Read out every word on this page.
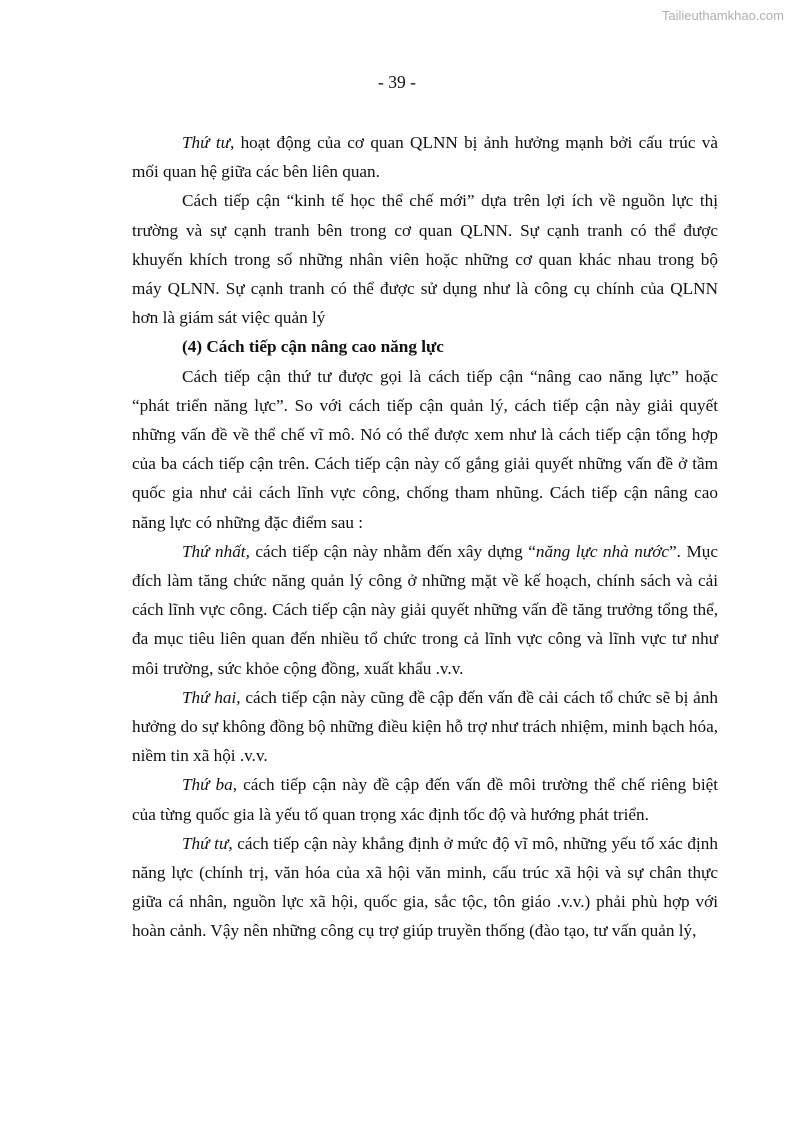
Tailieuthamkhao.com
- 39 -

Thứ tư, hoạt động của cơ quan QLNN bị ảnh hưởng mạnh bởi cấu trúc và mối quan hệ giữa các bên liên quan.

Cách tiếp cận “kinh tế học thể chế mới” dựa trên lợi ích về nguồn lực thị trường và sự cạnh tranh bên trong cơ quan QLNN. Sự cạnh tranh có thể được khuyến khích trong số những nhân viên hoặc những cơ quan khác nhau trong bộ máy QLNN. Sự cạnh tranh có thể được sử dụng như là công cụ chính của QLNN hơn là giám sát việc quản lý

(4) Cách tiếp cận nâng cao năng lực

Cách tiếp cận thứ tư được gọi là cách tiếp cận “nâng cao năng lực” hoặc “phát triển năng lực”. So với cách tiếp cận quản lý, cách tiếp cận này giải quyết những vấn đề về thể chế vĩ mô. Nó có thể được xem như là cách tiếp cận tổng hợp của ba cách tiếp cận trên. Cách tiếp cận này cố gắng giải quyết những vấn đề ở tầm quốc gia như cải cách lĩnh vực công, chống tham nhũng. Cách tiếp cận nâng cao năng lực có những đặc điểm sau :

Thứ nhất, cách tiếp cận này nhằm đến xây dựng “năng lực nhà nước”. Mục đích làm tăng chức năng quản lý công ở những mặt về kế hoạch, chính sách và cải cách lĩnh vực công. Cách tiếp cận này giải quyết những vấn đề tăng trưởng tổng thể, đa mục tiêu liên quan đến nhiều tổ chức trong cả lĩnh vực công và lĩnh vực tư như môi trường, sức khỏe cộng đồng, xuất khẩu .v.v.

Thứ hai, cách tiếp cận này cũng đề cập đến vấn đề cải cách tổ chức sẽ bị ảnh hưởng do sự không đồng bộ những điều kiện hỗ trợ như trách nhiệm, minh bạch hóa, niềm tin xã hội .v.v.

Thứ ba, cách tiếp cận này đề cập đến vấn đề môi trường thể chế riêng biệt của từng quốc gia là yếu tố quan trọng xác định tốc độ và hướng phát triển.

Thứ tư, cách tiếp cận này khẳng định ở mức độ vĩ mô, những yếu tố xác định năng lực (chính trị, văn hóa của xã hội văn minh, cấu trúc xã hội và sự chân thực giữa cá nhân, nguồn lực xã hội, quốc gia, sắc tộc, tôn giáo .v.v.) phải phù hợp với hoàn cảnh. Vậy nên những công cụ trợ giúp truyền thống (đào tạo, tư vấn quản lý,
